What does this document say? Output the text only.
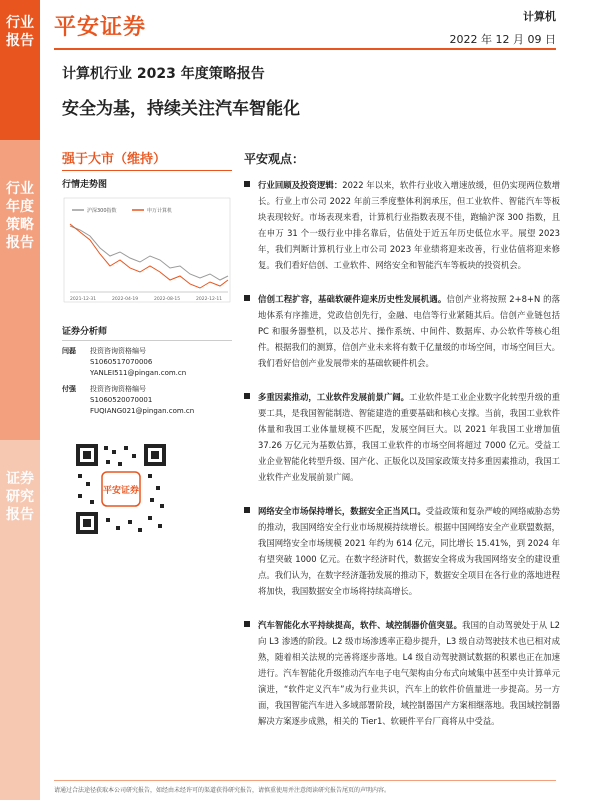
行业报告
行业年度策略报告
证券研究报告
平安证券	计算机
2022 年 12 月 09 日
计算机行业 2023 年度策略报告
安全为基，持续关注汽车智能化
强于大市（维持）
行情走势图
沪深300指数	申万计算机
2021-12-31	2022-04-19	2022-08-15	2022-12-11
证券分析师
闫磊	投资咨询资格编号
S1060517070006
YANLEI511@pingan.com.cn
付强	投资咨询资格编号
S1060520070001
FUQIANG021@pingan.com.cn
平安证券
平安观点：
行业回顾及投资逻辑：2022 年以来，软件行业收入增速放缓，但仍实现两位数增长。行业上市公司 2022 年前三季度整体利润承压，但工业软件、智能汽车等板块表现较好。市场表现来看，计算机行业指数表现不佳，跑输沪深 300 指数，且在申万 31 个一级行业中排名靠后，估值处于近五年历史低位水平。展望 2023 年，我们判断计算机行业上市公司 2023 年业绩将迎来改善，行业估值将迎来修复。我们看好信创、工业软件、网络安全和智能汽车等板块的投资机会。
信创工程扩容，基础软硬件迎来历史性发展机遇。信创产业将按照 2+8+N 的落地体系有序推进，党政信创先行，金融、电信等行业紧随其后。信创产业链包括 PC 和服务器整机，以及芯片、操作系统、中间件、数据库、办公软件等核心组件。根据我们的测算，信创产业未来将有数千亿量级的市场空间，市场空间巨大。我们看好信创产业发展带来的基础软硬件机会。
多重因素推动，工业软件发展前景广阔。工业软件是工业企业数字化转型升级的重要工具，是我国智能制造、智能建造的重要基础和核心支撑。当前，我国工业软件体量和我国工业体量规模不匹配，发展空间巨大。以 2021 年我国工业增加值 37.26 万亿元为基数估算，我国工业软件的市场空间将超过 7000 亿元。受益工业企业智能化转型升级、国产化、正版化以及国家政策支持多重因素推动，我国工业软件产业发展前景广阔。
网络安全市场保持增长，数据安全正当风口。受益政策和复杂严峻的网络威胁态势的推动，我国网络安全行业市场规模持续增长。根据中国网络安全产业联盟数据，我国网络安全市场规模 2021 年约为 614 亿元，同比增长 15.41%，到 2024 年有望突破 1000 亿元。在数字经济时代，数据安全将成为我国网络安全的建设重点。我们认为，在数字经济蓬勃发展的推动下，数据安全项目在各行业的落地进程将加快，我国数据安全市场将持续高增长。
汽车智能化水平持续提高，软件、域控制器价值突显。我国的自动驾驶处于从 L2 向 L3 渗透的阶段。L2 级市场渗透率正稳步提升，L3 级自动驾驶技术也已相对成熟，随着相关法规的完善将逐步落地。L4 级自动驾驶测试数据的积累也正在加速进行。汽车智能化升级推动汽车电子电气架构由分布式向域集中甚至中央计算单元演进，“软件定义汽车”成为行业共识，汽车上的软件价值量进一步提高。另一方面，我国智能汽车进入多域部署阶段，域控制器国产方案相继落地。我国域控制器解决方案逐步成熟，相关的 Tier1、软硬件平台厂商将从中受益。
请通过合法途径获取本公司研究报告，如经由未经许可的渠道获得研究报告，请慎重使用并注意阅读研究报告尾页的声明内容。
